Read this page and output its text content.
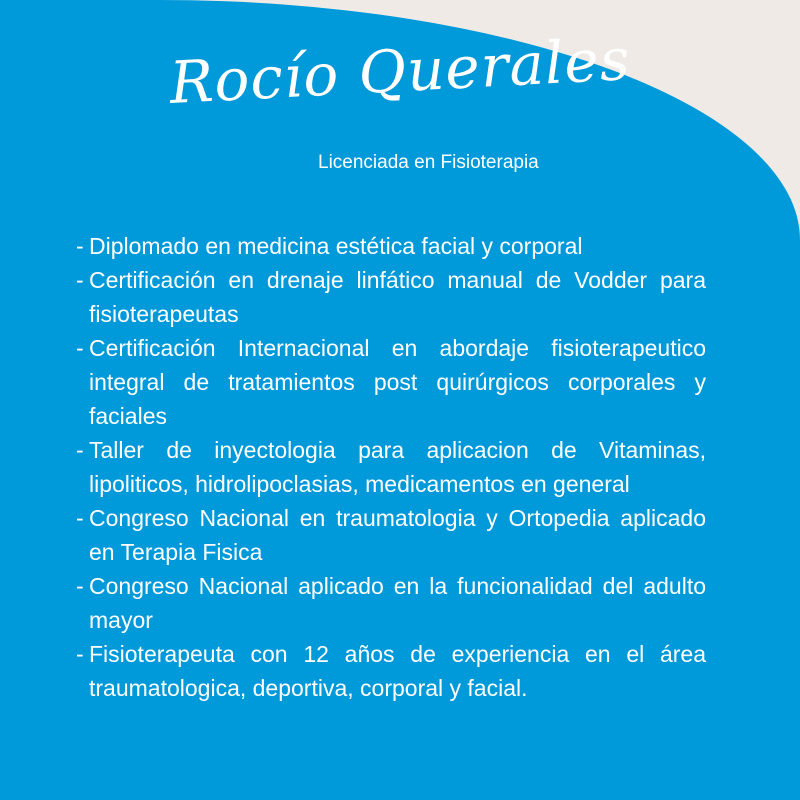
Rocío Querales
Licenciada en Fisioterapia
- Diplomado en medicina estética facial y corporal
- Certificación en drenaje linfático manual de Vodder para fisioterapeutas
- Certificación Internacional en abordaje fisioterapeutico integral de tratamientos post quirúrgicos corporales y faciales
- Taller de inyectologia para aplicacion de Vitaminas, lipoliticos, hidrolipoclasias, medicamentos en general
- Congreso Nacional en traumatologia y Ortopedia aplicado en Terapia Fisica
- Congreso Nacional aplicado en la funcionalidad del adulto mayor
- Fisioterapeuta con 12 años de experiencia en el área traumatologica, deportiva, corporal y facial.
